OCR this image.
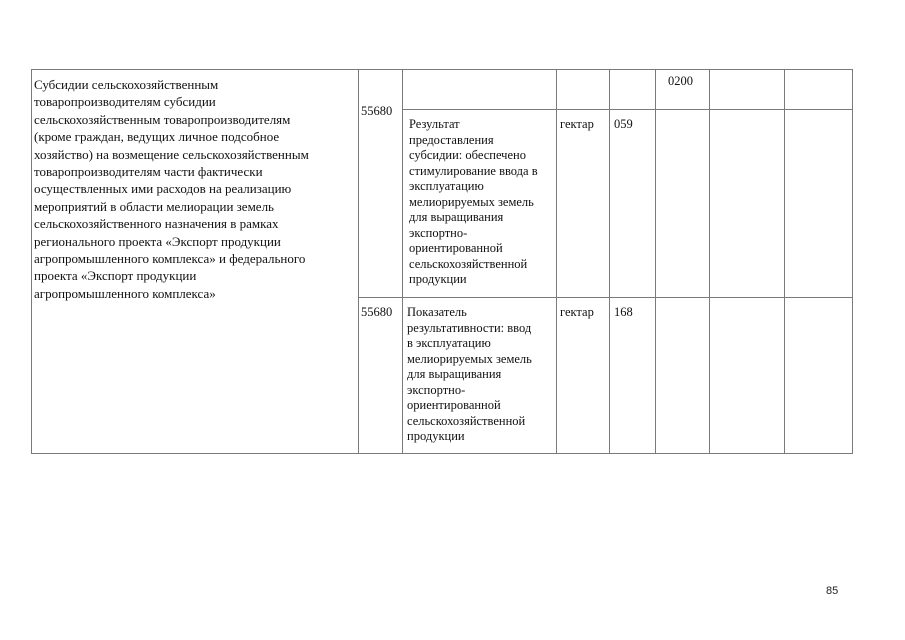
Субсидии сельскохозяйственным
товаропроизводителям субсидии
сельскохозяйственным товаропроизводителям
(кроме граждан, ведущих личное подсобное
хозяйство) на возмещение сельскохозяйственным
товаропроизводителям части фактически
осуществленных ими расходов на реализацию
мероприятий в области мелиорации земель
сельскохозяйственного назначения в рамках
регионального проекта «Экспорт продукции
агропромышленного комплекса» и федерального
проекта «Экспорт продукции
агропромышленного комплекса»
0200
55680
Результат
предоставления
субсидии: обеспечено
стимулирование ввода в
эксплуатацию
мелиорируемых земель
для выращивания
экспортно-
ориентированной
сельскохозяйственной
продукции
гектар 059
55680 Показатель
результативности: ввод
в эксплуатацию
мелиорируемых земель
для выращивания
экспортно-
ориентированной
сельскохозяйственной
продукции
гектар 168
85
